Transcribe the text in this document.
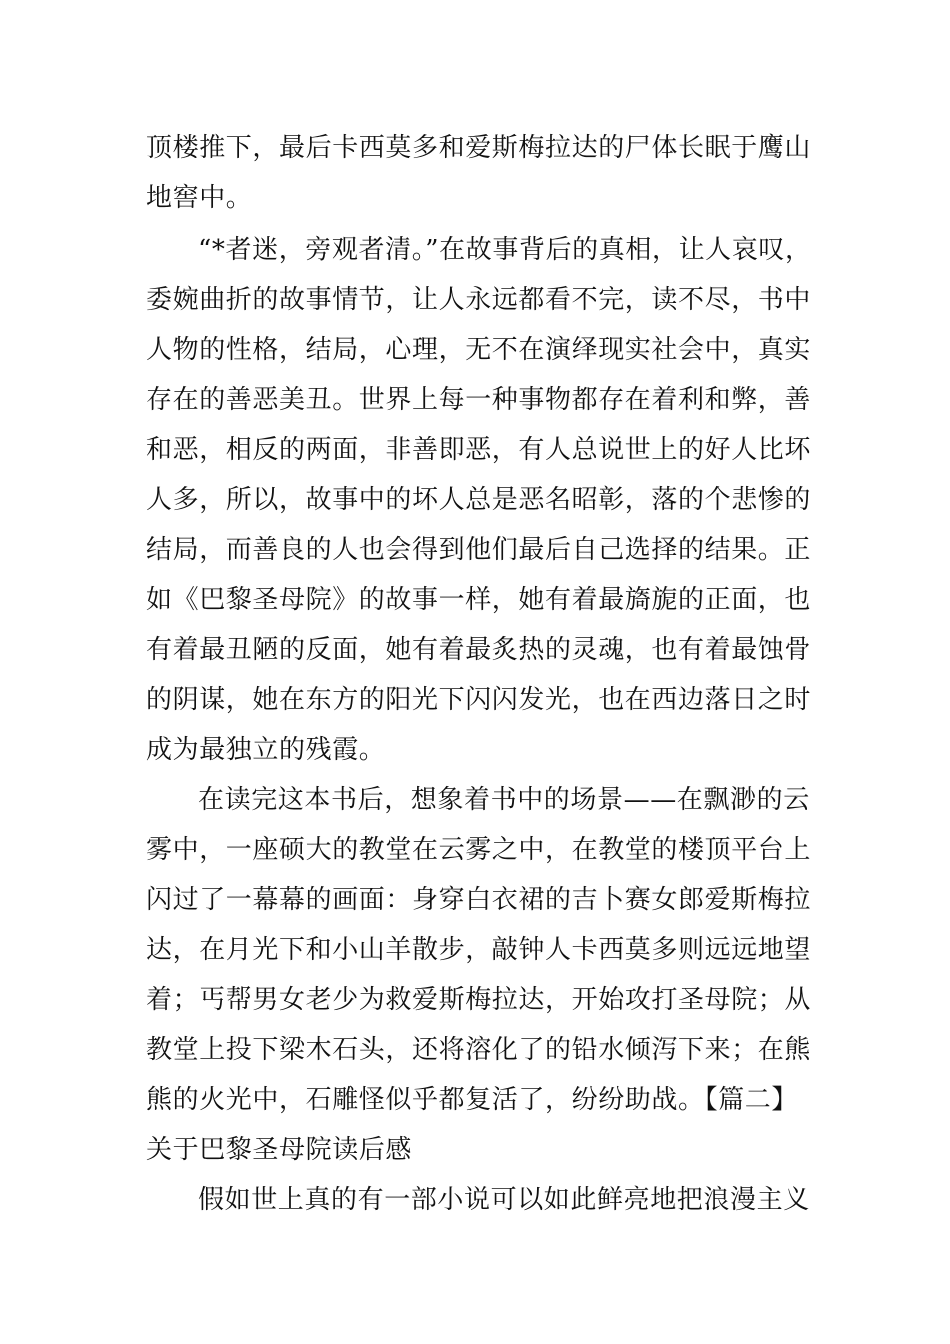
顶楼推下，最后卡西莫多和爱斯梅拉达的尸体长眠于鹰山
地窖中。
“*者迷，旁观者清。”在故事背后的真相，让人哀叹，
委婉曲折的故事情节，让人永远都看不完，读不尽，书中
人物的性格，结局，心理，无不在演绎现实社会中，真实
存在的善恶美丑。世界上每一种事物都存在着利和弊，善
和恶，相反的两面，非善即恶，有人总说世上的好人比坏
人多，所以，故事中的坏人总是恶名昭彰，落的个悲惨的
结局，而善良的人也会得到他们最后自己选择的结果。正
如《巴黎圣母院》的故事一样，她有着最旖旎的正面，也
有着最丑陋的反面，她有着最炙热的灵魂，也有着最蚀骨
的阴谋，她在东方的阳光下闪闪发光，也在西边落日之时
成为最独立的残霞。
在读完这本书后，想象着书中的场景——在飘渺的云
雾中，一座硕大的教堂在云雾之中，在教堂的楼顶平台上
闪过了一幕幕的画面：身穿白衣裙的吉卜赛女郎爱斯梅拉
达，在月光下和小山羊散步，敲钟人卡西莫多则远远地望
着；丐帮男女老少为救爱斯梅拉达，开始攻打圣母院；从
教堂上投下梁木石头，还将溶化了的铅水倾泻下来；在熊
熊的火光中，石雕怪似乎都复活了，纷纷助战。【篇二】
关于巴黎圣母院读后感
假如世上真的有一部小说可以如此鲜亮地把浪漫主义
